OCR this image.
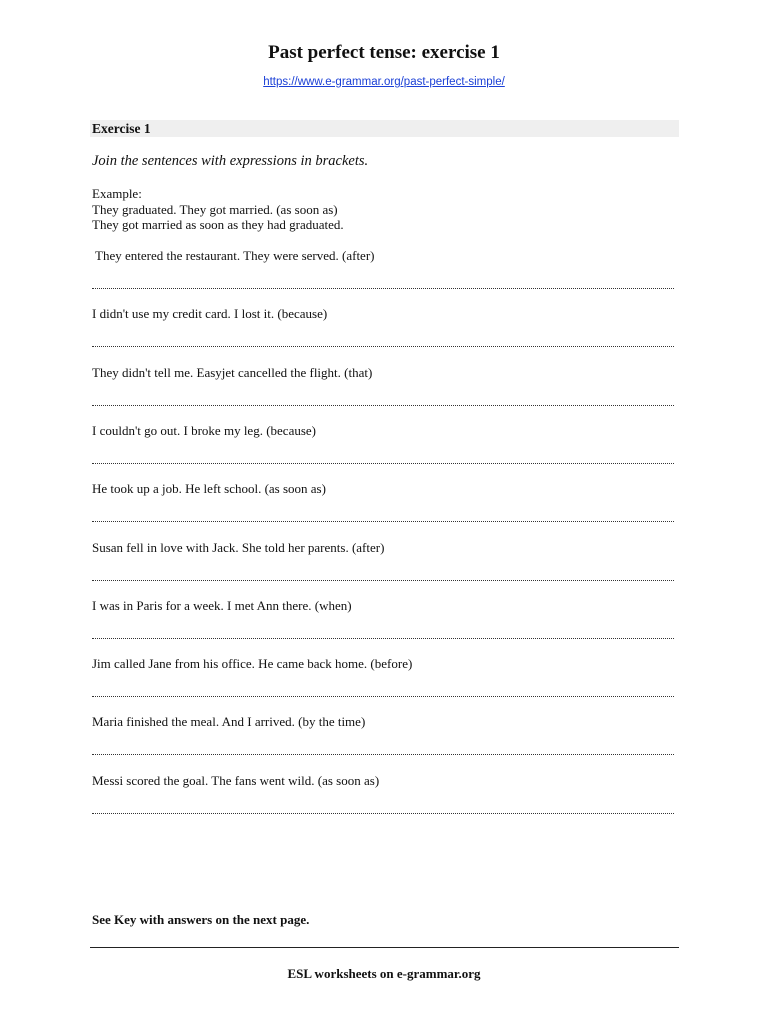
Past perfect tense: exercise 1
https://www.e-grammar.org/past-perfect-simple/
Exercise 1
Join the sentences with expressions in brackets.
Example:
They graduated. They got married. (as soon as)
They got married as soon as they had graduated.
They entered the restaurant. They were served. (after)
I didn't use my credit card. I lost it. (because)
They didn't tell me. Easyjet cancelled the flight. (that)
I couldn't go out. I broke my leg. (because)
He took up a job. He left school. (as soon as)
Susan fell in love with Jack. She told her parents. (after)
I was in Paris for a week. I met Ann there. (when)
Jim called Jane from his office. He came back home. (before)
Maria finished the meal. And I arrived. (by the time)
Messi scored the goal. The fans went wild. (as soon as)
See Key with answers on the next page.
ESL worksheets on e-grammar.org
